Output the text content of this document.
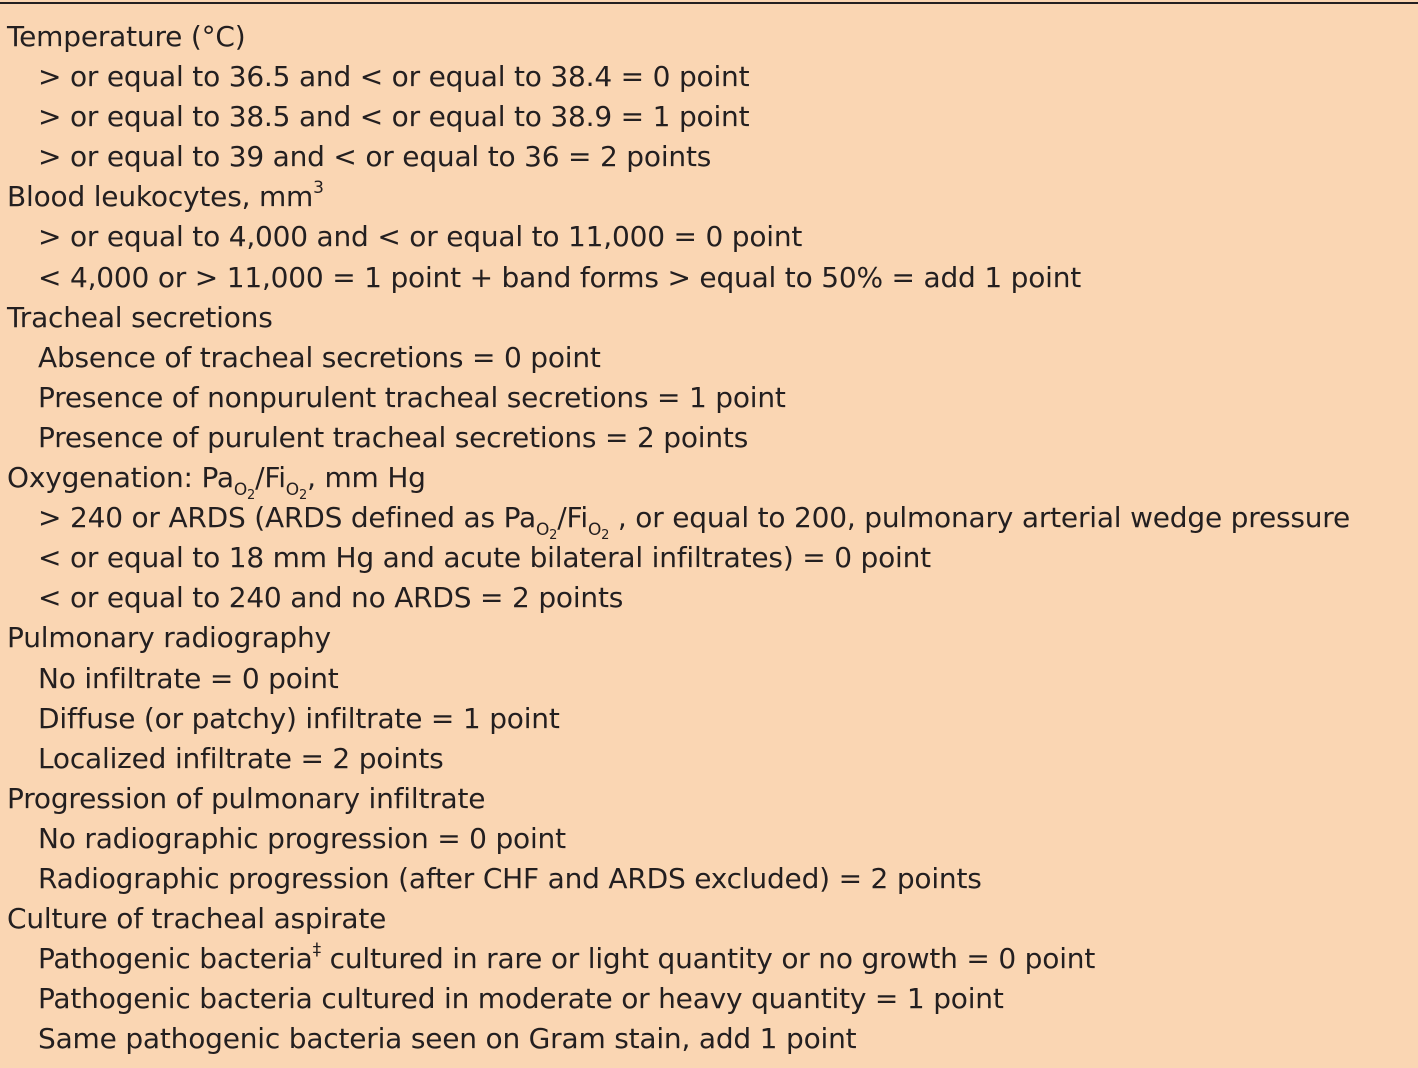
Temperature (°C)
> or equal to 36.5 and < or equal to 38.4 = 0 point
> or equal to 38.5 and < or equal to 38.9 = 1 point
> or equal to 39 and < or equal to 36 = 2 points
Blood leukocytes, $mm^3$
> or equal to 4,000 and < or equal to 11,000 = 0 point
< 4,000 or > 11,000 = 1 point + band forms > equal to 50% = add 1 point
Tracheal secretions
Absence of tracheal secretions = 0 point
Presence of nonpurulent tracheal secretions = 1 point
Presence of purulent tracheal secretions = 2 points
Oxygenation: $Pa_{O_2}/Fi_{O_2}$, mm Hg
> 240 or ARDS (ARDS defined as $Pa_{O_2}/Fi_{O_2}$ , or equal to 200, pulmonary arterial wedge pressure
< or equal to 18 mm Hg and acute bilateral infiltrates) = 0 point
< or equal to 240 and no ARDS = 2 points
Pulmonary radiography
No infiltrate = 0 point
Diffuse (or patchy) infiltrate = 1 point
Localized infiltrate = 2 points
Progression of pulmonary infiltrate
No radiographic progression = 0 point
Radiographic progression (after CHF and ARDS excluded) = 2 points
Culture of tracheal aspirate
Pathogenic bacteria‡ cultured in rare or light quantity or no growth = 0 point
Pathogenic bacteria cultured in moderate or heavy quantity = 1 point
Same pathogenic bacteria seen on Gram stain, add 1 point
